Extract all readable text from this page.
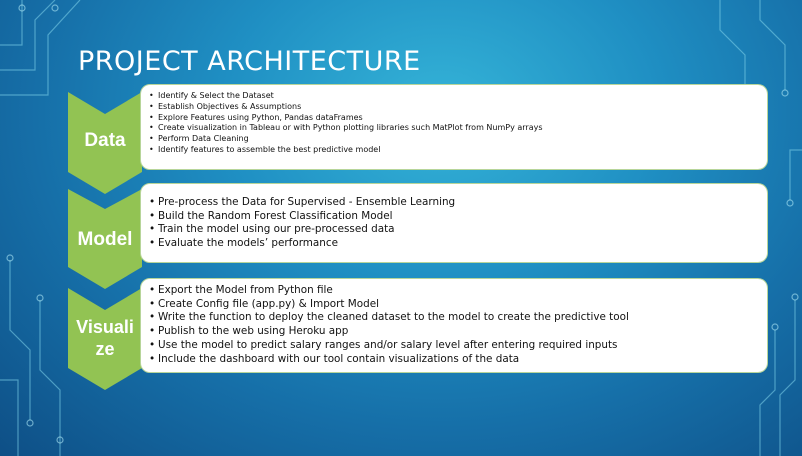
PROJECT ARCHITECTURE
Data
• Identify & Select the Dataset
• Establish Objectives & Assumptions
• Explore Features using Python, Pandas dataFrames
• Create visualization in Tableau or with Python plotting libraries such MatPlot from NumPy arrays
• Perform Data Cleaning
• Identify features to assemble the best predictive model
Model
• Pre-process the Data for Supervised - Ensemble Learning
• Build the Random Forest Classification Model
• Train the model using our pre-processed data
• Evaluate the models’ performance
Visuali
ze
• Export the Model from Python file
• Create Config file (app.py) & Import Model
• Write the function to deploy the cleaned dataset to the model to create the predictive tool
• Publish to the web using Heroku app
• Use the model to predict salary ranges and/or salary level after entering required inputs
• Include the dashboard with our tool contain visualizations of the data
